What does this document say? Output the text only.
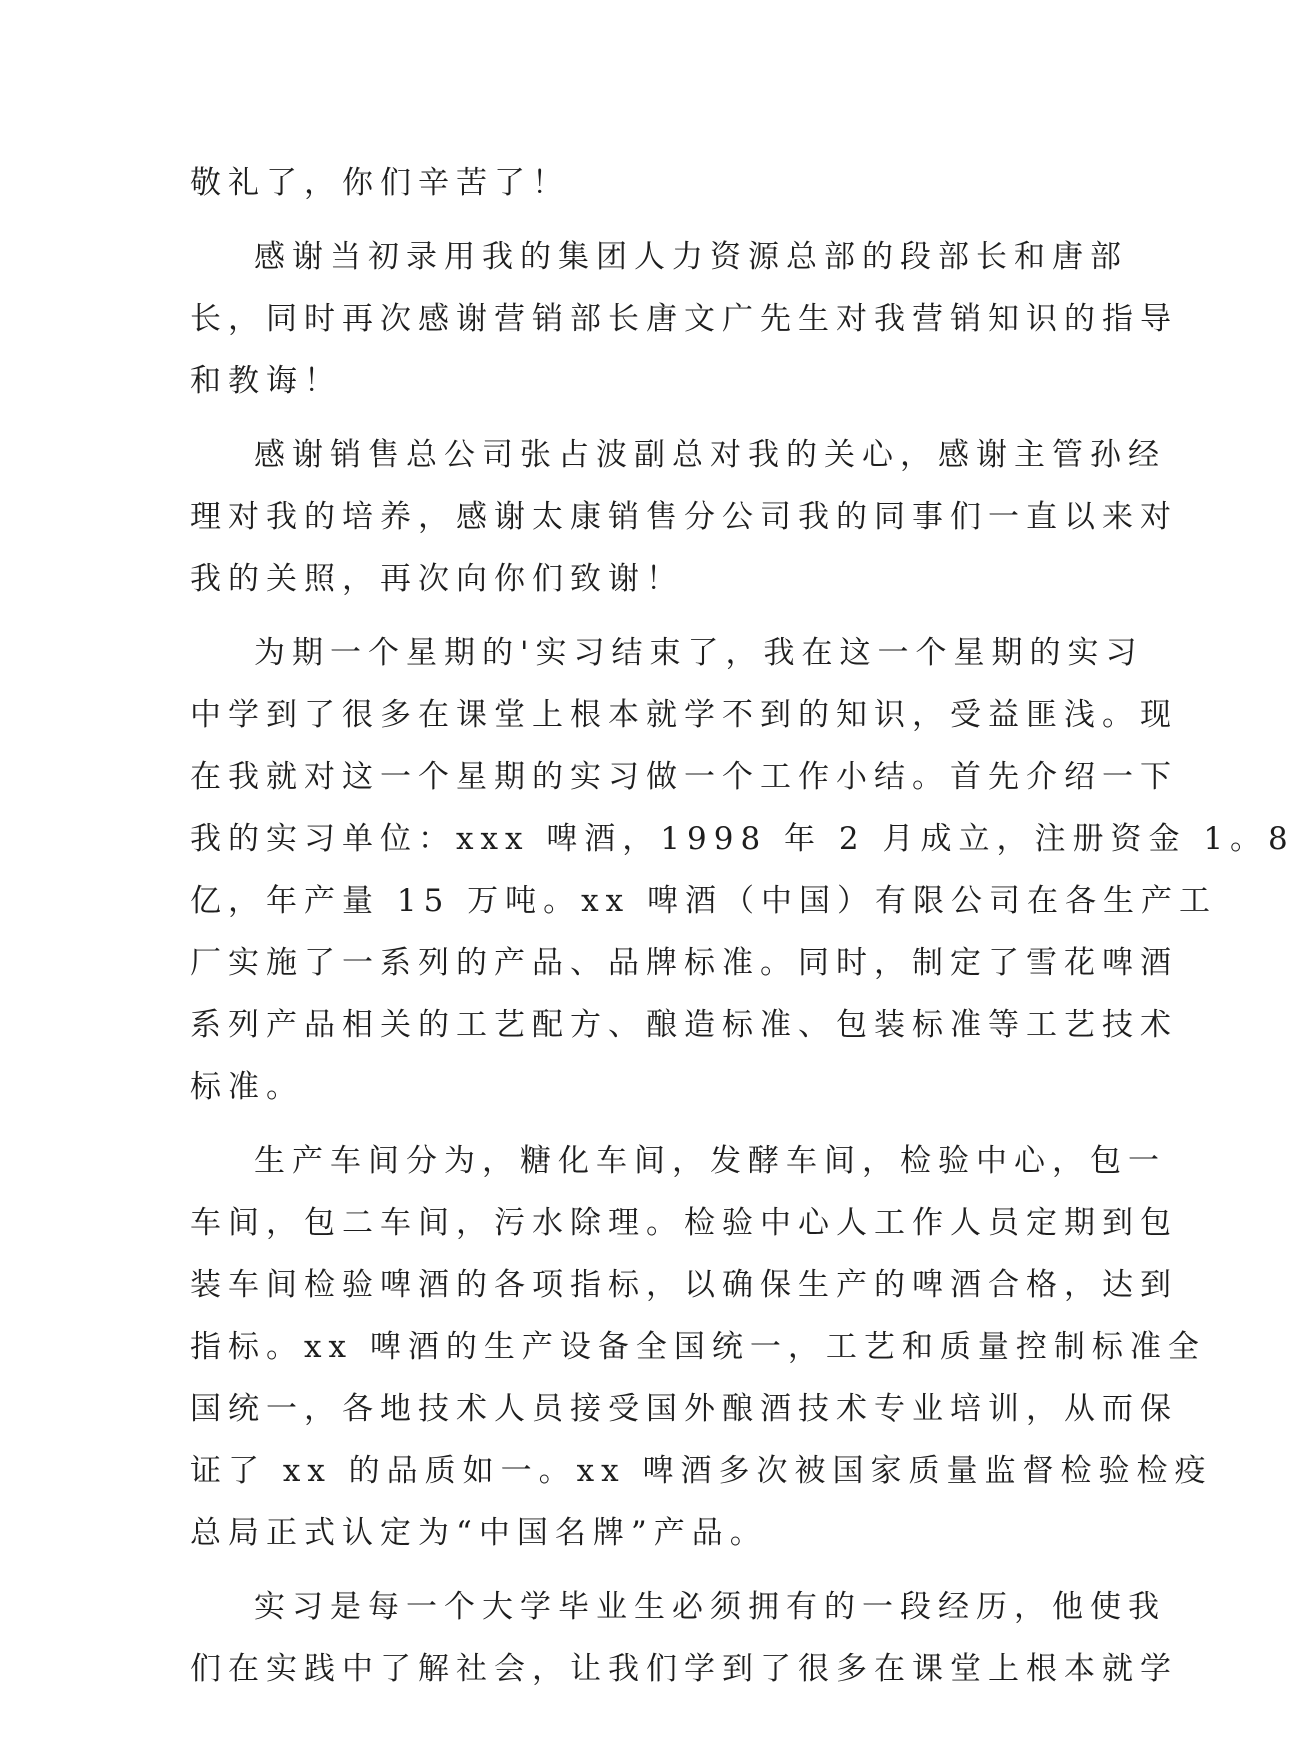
敬礼了，你们辛苦了！
感谢当初录用我的集团人力资源总部的段部长和唐部
长，同时再次感谢营销部长唐文广先生对我营销知识的指导
和教诲！
感谢销售总公司张占波副总对我的关心，感谢主管孙经
理对我的培养，感谢太康销售分公司我的同事们一直以来对
我的关照，再次向你们致谢！
为期一个星期的'实习结束了，我在这一个星期的实习
中学到了很多在课堂上根本就学不到的知识，受益匪浅。现
在我就对这一个星期的实习做一个工作小结。首先介绍一下
我的实习单位：xxx 啤酒，1998 年 2 月成立，注册资金 1。8
亿，年产量 15 万吨。xx 啤酒（中国）有限公司在各生产工
厂实施了一系列的产品、品牌标准。同时，制定了雪花啤酒
系列产品相关的工艺配方、酿造标准、包装标准等工艺技术
标准。
生产车间分为，糖化车间，发酵车间，检验中心，包一
车间，包二车间，污水除理。检验中心人工作人员定期到包
装车间检验啤酒的各项指标，以确保生产的啤酒合格，达到
指标。xx 啤酒的生产设备全国统一，工艺和质量控制标准全
国统一，各地技术人员接受国外酿酒技术专业培训，从而保
证了 xx 的品质如一。xx 啤酒多次被国家质量监督检验检疫
总局正式认定为“中国名牌”产品。
实习是每一个大学毕业生必须拥有的一段经历，他使我
们在实践中了解社会，让我们学到了很多在课堂上根本就学
